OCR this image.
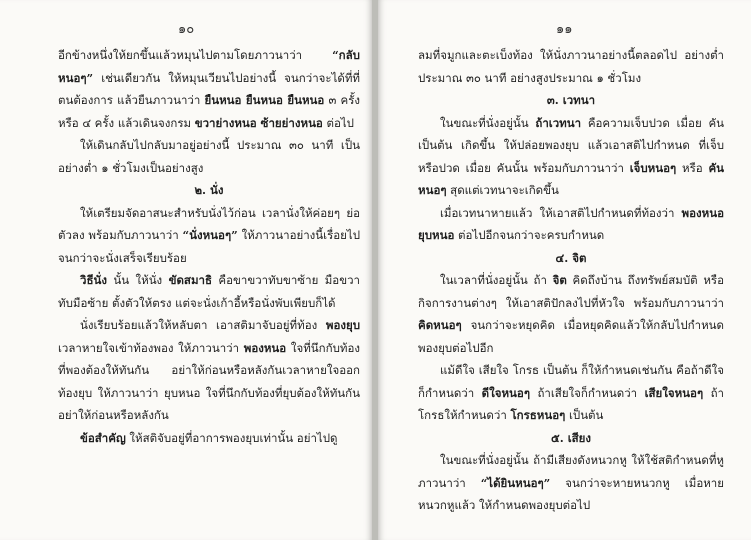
๑๐

อีกข้างหนึ่งให้ยกขึ้นแล้วหมุนไปตามโดยภาวนาว่า “กลับหนอๆ” เช่นเดียวกัน ให้หมุนเวียนไปอย่างนี้ จนกว่าจะได้ที่ที่ตนต้องการ แล้วยืนภาวนาว่า ยืนหนอ ยืนหนอ ยืนหนอ ๓ ครั้ง หรือ ๔ ครั้ง แล้วเดินจงกรม ขวาย่างหนอ ซ้ายย่างหนอ ต่อไป

ให้เดินกลับไปกลับมาอยู่อย่างนี้ ประมาณ ๓๐ นาที เป็นอย่างต่ำ ๑ ชั่วโมงเป็นอย่างสูง

๒. นั่ง

ให้เตรียมจัดอาสนะสำหรับนั่งไว้ก่อน เวลานั่งให้ค่อยๆ ย่อตัวลง พร้อมกับภาวนาว่า “นั่งหนอๆ” ให้ภาวนาอย่างนี้เรื่อยไปจนกว่าจะนั่งเสร็จเรียบร้อย

วิธีนั่ง นั้น ให้นั่ง ขัดสมาธิ คือขาขวาทับขาซ้าย มือขวาทับมือซ้าย ตั้งตัวให้ตรง แต่จะนั่งเก้าอี้หรือนั่งพับเพียบก็ได้

นั่งเรียบร้อยแล้วให้หลับตา เอาสติมาจับอยู่ที่ท้อง พองยุบ เวลาหายใจเข้าท้องพอง ให้ภาวนาว่า พองหนอ ใจที่นึกกับท้องที่พองต้องให้ทันกัน อย่าให้ก่อนหรือหลังกันเวลาหายใจออก ท้องยุบ ให้ภาวนาว่า ยุบหนอ ใจที่นึกกับท้องที่ยุบต้องให้ทันกัน อย่าให้ก่อนหรือหลังกัน

ข้อสำคัญ ให้สติจับอยู่ที่อาการพองยุบเท่านั้น อย่าไปดู

๑๑

ลมที่จมูกและตะเบ็งท้อง ให้นั่งภาวนาอย่างนี้ตลอดไป อย่างต่ำประมาณ ๓๐ นาที อย่างสูงประมาณ ๑ ชั่วโมง

๓. เวทนา

ในขณะที่นั่งอยู่นั้น ถ้าเวทนา คือความเจ็บปวด เมื่อย คัน เป็นต้น เกิดขึ้น ให้ปล่อยพองยุบ แล้วเอาสติไปกำหนด ที่เจ็บ หรือปวด เมื่อย คันนั้น พร้อมกับภาวนาว่า เจ็บหนอๆ หรือ คันหนอๆ สุดแต่เวทนาจะเกิดขึ้น

เมื่อเวทนาหายแล้ว ให้เอาสติไปกำหนดที่ท้องว่า พองหนอ ยุบหนอ ต่อไปอีกจนกว่าจะครบกำหนด

๔. จิต

ในเวลาที่นั่งอยู่นั้น ถ้า จิต คิดถึงบ้าน ถึงทรัพย์สมบัติ หรือกิจการงานต่างๆ ให้เอาสติปักลงไปที่หัวใจ พร้อมกับภาวนาว่า คิดหนอๆ จนกว่าจะหยุดคิด เมื่อหยุดคิดแล้วให้กลับไปกำหนดพองยุบต่อไปอีก

แม้ดีใจ เสียใจ โกรธ เป็นต้น ก็ให้กำหนดเช่นกัน คือถ้าดีใจก็กำหนดว่า ดีใจหนอๆ ถ้าเสียใจก็กำหนดว่า เสียใจหนอๆ ถ้าโกรธให้กำหนดว่า โกรธหนอๆ เป็นต้น

๕. เสียง

ในขณะที่นั่งอยู่นั้น ถ้ามีเสียงดังหนวกหู ให้ใช้สติกำหนดที่หู ภาวนาว่า “ได้ยินหนอๆ” จนกว่าจะหายหนวกหู เมื่อหายหนวกหูแล้ว ให้กำหนดพองยุบต่อไป
